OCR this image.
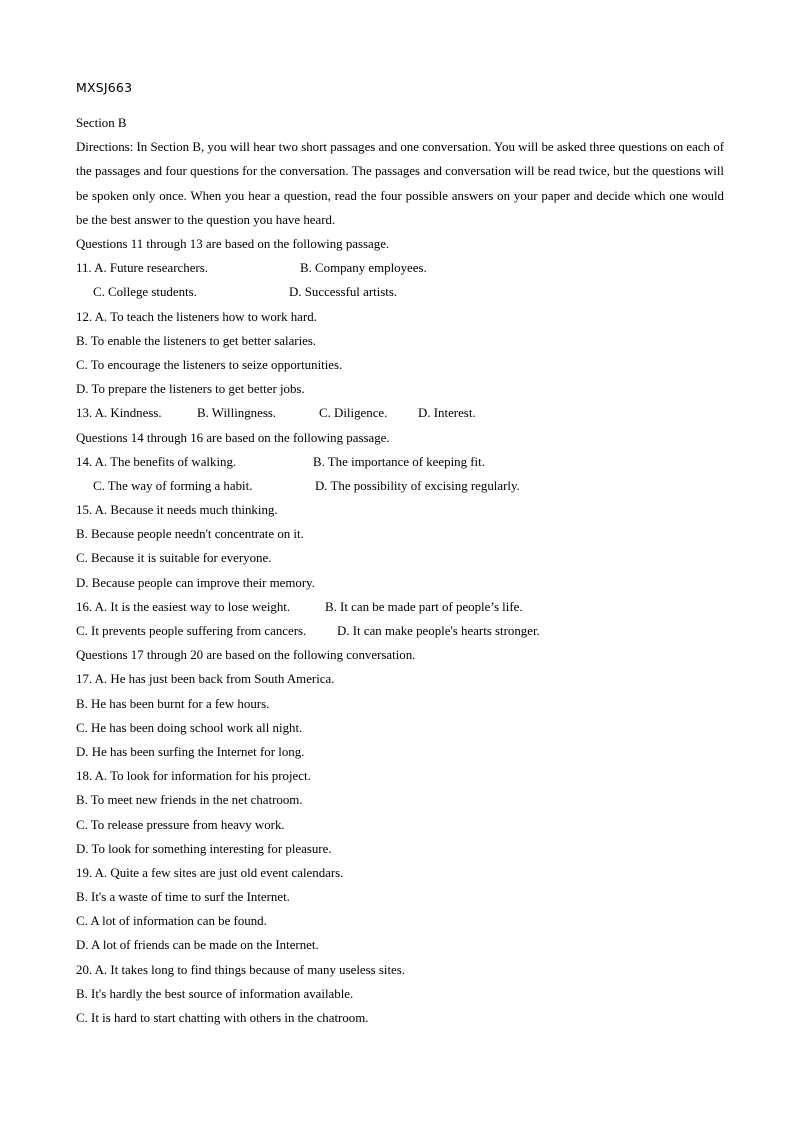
MXSJ663
Section B
Directions: In Section B, you will hear two short passages and one conversation. You will be asked three questions on each of the passages and four questions for the conversation. The passages and conversation will be read twice, but the questions will be spoken only once. When you hear a question, read the four possible answers on your paper and decide which one would be the best answer to the question you have heard.
Questions 11 through 13 are based on the following passage.
11. A. Future researchers.	B. Company employees.
C. College students.	D. Successful artists.
12. A. To teach the listeners how to work hard.
B. To enable the listeners to get better salaries.
C. To encourage the listeners to seize opportunities.
D. To prepare the listeners to get better jobs.
13. A. Kindness.	B. Willingness.	C. Diligence. D. Interest.
Questions 14 through 16 are based on the following passage.
14. A. The benefits of walking.	B. The importance of keeping fit.
C. The way of forming a habit.	D. The possibility of excising regularly.
15. A. Because it needs much thinking.
B. Because people needn't concentrate on it.
C. Because it is suitable for everyone.
D. Because people can improve their memory.
16. A. It is the easiest way to lose weight.	B. It can be made part of people’s life.
C. It prevents people suffering from cancers. D. It can make people's hearts stronger.
Questions 17 through 20 are based on the following conversation.
17. A. He has just been back from South America.
B. He has been burnt for a few hours.
C. He has been doing school work all night.
D. He has been surfing the Internet for long.
18. A. To look for information for his project.
B. To meet new friends in the net chatroom.
C. To release pressure from heavy work.
D. To look for something interesting for pleasure.
19. A. Quite a few sites are just old event calendars.
B. It's a waste of time to surf the Internet.
C. A lot of information can be found.
D. A lot of friends can be made on the Internet.
20. A. It takes long to find things because of many useless sites.
B. It's hardly the best source of information available.
C. It is hard to start chatting with others in the chatroom.
